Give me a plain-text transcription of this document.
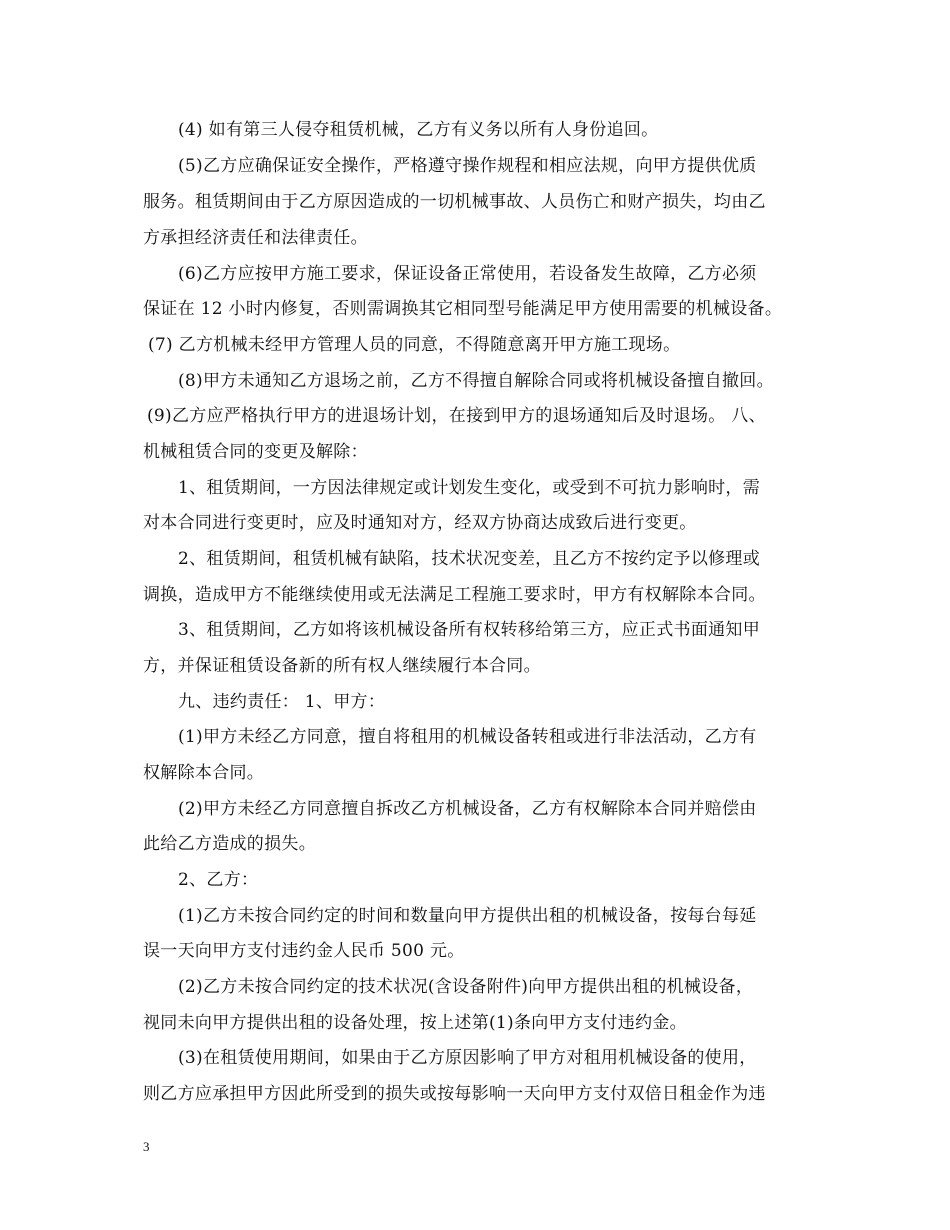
(4) 如有第三人侵夺租赁机械，乙方有义务以所有人身份追回。
(5)乙方应确保证安全操作，严格遵守操作规程和相应法规，向甲方提供优质
服务。租赁期间由于乙方原因造成的一切机械事故、人员伤亡和财产损失，均由乙
方承担经济责任和法律责任。
(6)乙方应按甲方施工要求，保证设备正常使用，若设备发生故障，乙方必须
保证在 12 小时内修复，否则需调换其它相同型号能满足甲方使用需要的机械设备。
(7) 乙方机械未经甲方管理人员的同意，不得随意离开甲方施工现场。
(8)甲方未通知乙方退场之前，乙方不得擅自解除合同或将机械设备擅自撤回。
(9)乙方应严格执行甲方的进退场计划，在接到甲方的退场通知后及时退场。 八、
机械租赁合同的变更及解除：
1、租赁期间，一方因法律规定或计划发生变化，或受到不可抗力影响时，需
对本合同进行变更时，应及时通知对方，经双方协商达成致后进行变更。
2、租赁期间，租赁机械有缺陷，技术状况变差，且乙方不按约定予以修理或
调换，造成甲方不能继续使用或无法满足工程施工要求时，甲方有权解除本合同。
3、租赁期间，乙方如将该机械设备所有权转移给第三方，应正式书面通知甲
方，并保证租赁设备新的所有权人继续履行本合同。
九、违约责任： 1、甲方：
(1)甲方未经乙方同意，擅自将租用的机械设备转租或进行非法活动，乙方有
权解除本合同。
(2)甲方未经乙方同意擅自拆改乙方机械设备，乙方有权解除本合同并赔偿由
此给乙方造成的损失。
2、乙方：
(1)乙方未按合同约定的时间和数量向甲方提供出租的机械设备，按每台每延
误一天向甲方支付违约金人民币 500 元。
(2)乙方未按合同约定的技术状况(含设备附件)向甲方提供出租的机械设备，
视同未向甲方提供出租的设备处理，按上述第(1)条向甲方支付违约金。
(3)在租赁使用期间，如果由于乙方原因影响了甲方对租用机械设备的使用，
则乙方应承担甲方因此所受到的损失或按每影响一天向甲方支付双倍日租金作为违
3
